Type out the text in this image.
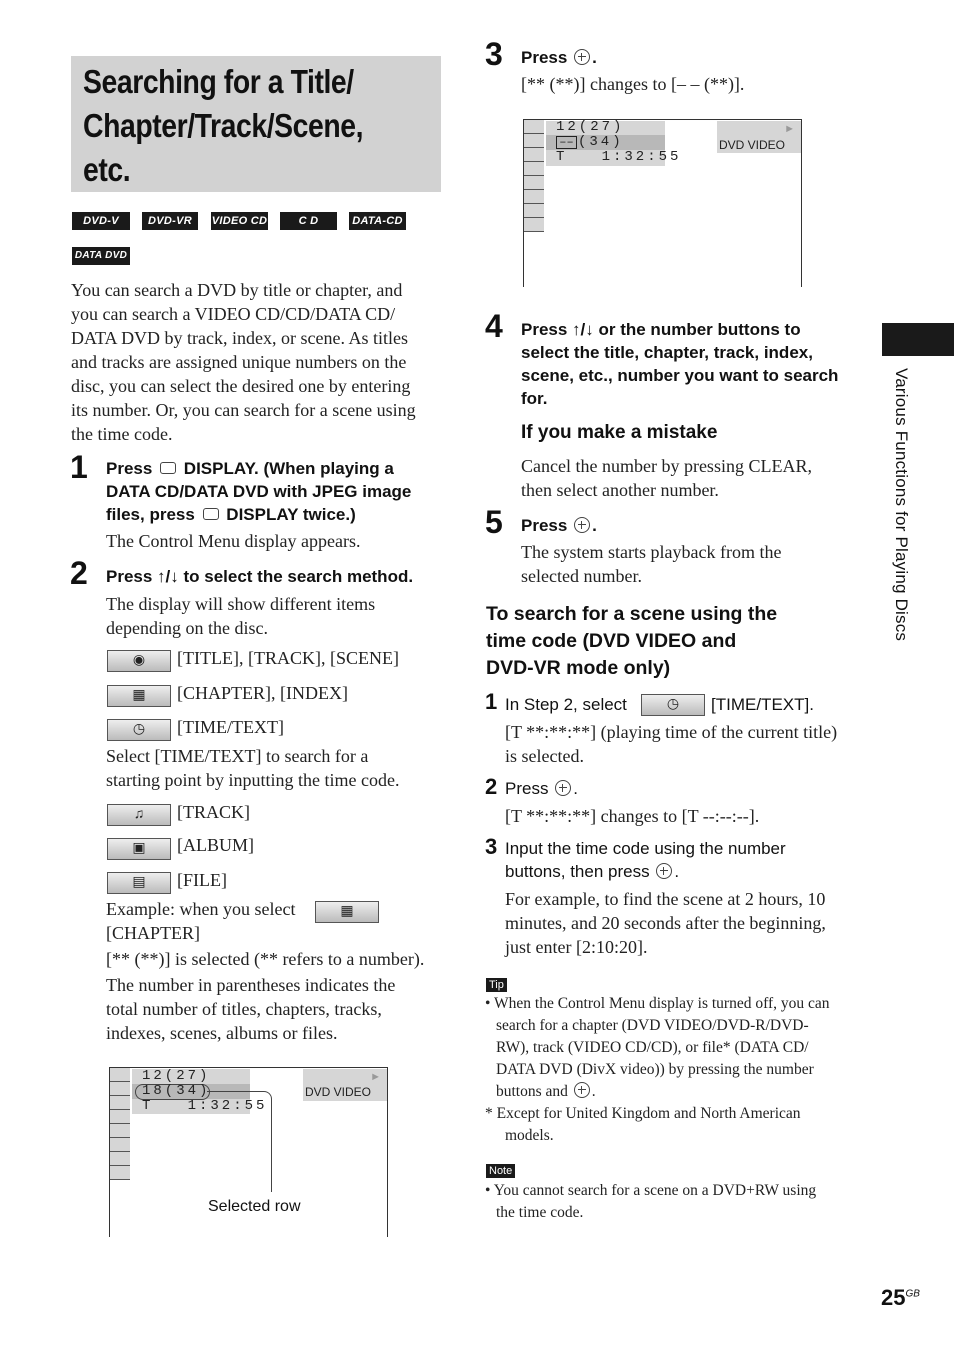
Searching for a Title/
Chapter/Track/Scene,
etc.
DVD-V	DVD-VR	VIDEO CD	C D	DATA-CD
DATA DVD
You can search a DVD by title or chapter, and
you can search a VIDEO CD/CD/DATA CD/
DATA DVD by track, index, or scene. As titles
and tracks are assigned unique numbers on the
disc, you can select the desired one by entering
its number. Or, you can search for a scene using
the time code.
1 Press DISPLAY. (When playing a
DATA CD/DATA DVD with JPEG image
files, press DISPLAY twice.)
The Control Menu display appears.
2 Press ↑/↓ to select the search method.
The display will show different items
depending on the disc.
◉ [TITLE], [TRACK], [SCENE]
▦ [CHAPTER], [INDEX]
◷ [TIME/TEXT]
Select [TIME/TEXT] to search for a
starting point by inputting the time code.
♫ [TRACK]
▣ [ALBUM]
▤ [FILE]
Example: when you select	▦
[CHAPTER]
[** (**)] is selected (** refers to a number).
The number in parentheses indicates the
total number of titles, chapters, tracks,
indexes, scenes, albums or files.
12(27)
18(34)
T   1:32:55
►
DVD VIDEO
Selected row
3 Press .
[** (**)] changes to [– – (**)].
12(27)
–– (34)
T   1:32:55
►
DVD VIDEO
4 Press ↑/↓ or the number buttons to
select the title, chapter, track, index,
scene, etc., number you want to search
for.
If you make a mistake
Cancel the number by pressing CLEAR,
then select another number.
5 Press .
The system starts playback from the
selected number.
To search for a scene using the
time code (DVD VIDEO and
DVD-VR mode only)
1 In Step 2, select	◷ [TIME/TEXT].
[T **:**:**] (playing time of the current title)
is selected.
2 Press .
[T **:**:**] changes to [T --:--:--].
3 Input the time code using the number
buttons, then press .
For example, to find the scene at 2 hours, 10
minutes, and 20 seconds after the beginning,
just enter [2:10:20].
Tip
• When the Control Menu display is turned off, you can
search for a chapter (DVD VIDEO/DVD-R/DVD-
RW), track (VIDEO CD/CD), or file* (DATA CD/
DATA DVD (DivX video)) by pressing the number
buttons and .
* Except for United Kingdom and North American
models.
Note
• You cannot search for a scene on a DVD+RW using
the time code.
Various Functions for Playing Discs
$25^{GB}$
